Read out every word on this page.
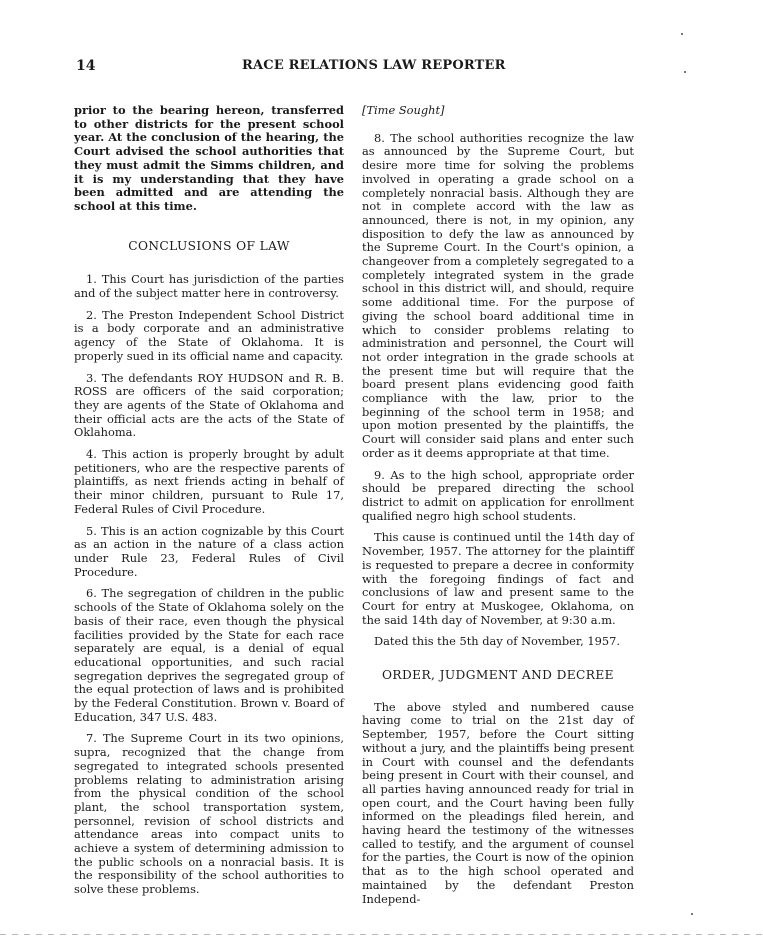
14	RACE RELATIONS LAW REPORTER

prior to the bearing hereon, transferred to other districts for the present school year. At the conclusion of the hearing, the Court advised the school authorities that they must admit the Simms children, and it is my understanding that they have been admitted and are attending the school at this time.

CONCLUSIONS OF LAW

1. This Court has jurisdiction of the parties and of the subject matter here in controversy.

2. The Preston Independent School District is a body corporate and an administrative agency of the State of Oklahoma. It is properly sued in its official name and capacity.

3. The defendants ROY HUDSON and R. B. ROSS are officers of the said corporation; they are agents of the State of Oklahoma and their official acts are the acts of the State of Oklahoma.

4. This action is properly brought by adult petitioners, who are the respective parents of plaintiffs, as next friends acting in behalf of their minor children, pursuant to Rule 17, Federal Rules of Civil Procedure.

5. This is an action cognizable by this Court as an action in the nature of a class action under Rule 23, Federal Rules of Civil Procedure.

6. The segregation of children in the public schools of the State of Oklahoma solely on the basis of their race, even though the physical facilities provided by the State for each race separately are equal, is a denial of equal educational opportunities, and such racial segregation deprives the segregated group of the equal protection of laws and is prohibited by the Federal Constitution. Brown v. Board of Education, 347 U.S. 483.

7. The Supreme Court in its two opinions, supra, recognized that the change from segregated to integrated schools presented problems relating to administration arising from the physical condition of the school plant, the school transportation system, personnel, revision of school districts and attendance areas into compact units to achieve a system of determining admission to the public schools on a nonracial basis. It is the responsibility of the school authorities to solve these problems.

[Time Sought]

8. The school authorities recognize the law as announced by the Supreme Court, but desire more time for solving the problems involved in operating a grade school on a completely nonracial basis. Although they are not in complete accord with the law as announced, there is not, in my opinion, any disposition to defy the law as announced by the Supreme Court. In the Court's opinion, a changeover from a completely segregated to a completely integrated system in the grade school in this district will, and should, require some additional time. For the purpose of giving the school board additional time in which to consider problems relating to administration and personnel, the Court will not order integration in the grade schools at the present time but will require that the board present plans evidencing good faith compliance with the law, prior to the beginning of the school term in 1958; and upon motion presented by the plaintiffs, the Court will consider said plans and enter such order as it deems appropriate at that time.

9. As to the high school, appropriate order should be prepared directing the school district to admit on application for enrollment qualified negro high school students.

This cause is continued until the 14th day of November, 1957. The attorney for the plaintiff is requested to prepare a decree in conformity with the foregoing findings of fact and conclusions of law and present same to the Court for entry at Muskogee, Oklahoma, on the said 14th day of November, at 9:30 a.m.

Dated this the 5th day of November, 1957.

ORDER, JUDGMENT AND DECREE

The above styled and numbered cause having come to trial on the 21st day of September, 1957, before the Court sitting without a jury, and the plaintiffs being present in Court with counsel and the defendants being present in Court with their counsel, and all parties having announced ready for trial in open court, and the Court having been fully informed on the pleadings filed herein, and having heard the testimony of the witnesses called to testify, and the argument of counsel for the parties, the Court is now of the opinion that as to the high school operated and maintained by the defendant Preston Independ-
